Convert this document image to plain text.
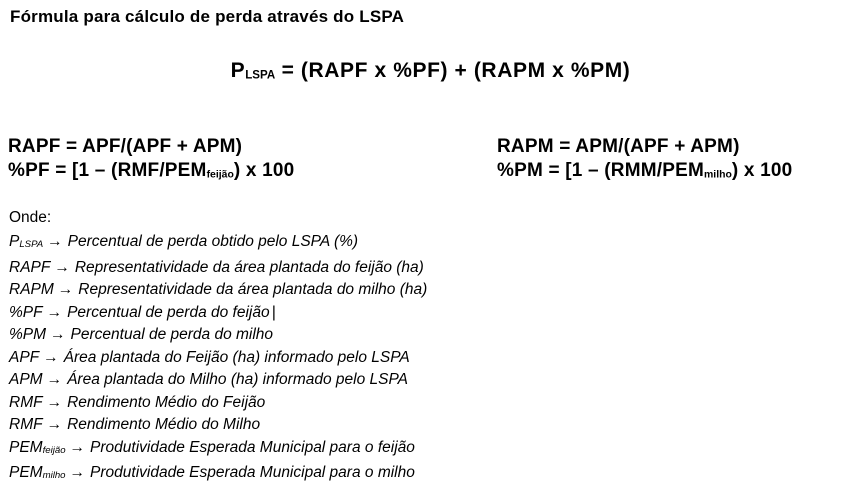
Fórmula para cálculo de perda através do LSPA
PLSPA = (RAPF x %PF) + (RAPM x %PM)
RAPF = APF/(APF + APM)
%PF = [1 – (RMF/PEMfeijão) x 100
RAPM = APM/(APF + APM)
%PM = [1 – (RMM/PEMmilho) x 100
Onde:
PLSPA → Percentual de perda obtido pelo LSPA (%)
RAPF → Representatividade da área plantada do feijão (ha)
RAPM → Representatividade da área plantada do milho (ha)
%PF → Percentual de perda do feijão |
%PM → Percentual de perda do milho
APF → Área plantada do Feijão (ha) informado pelo LSPA
APM → Área plantada do Milho (ha) informado pelo LSPA
RMF → Rendimento Médio do Feijão
RMF → Rendimento Médio do Milho
PEMfeijão → Produtividade Esperada Municipal para o feijão
PEMmilho → Produtividade Esperada Municipal para o milho
